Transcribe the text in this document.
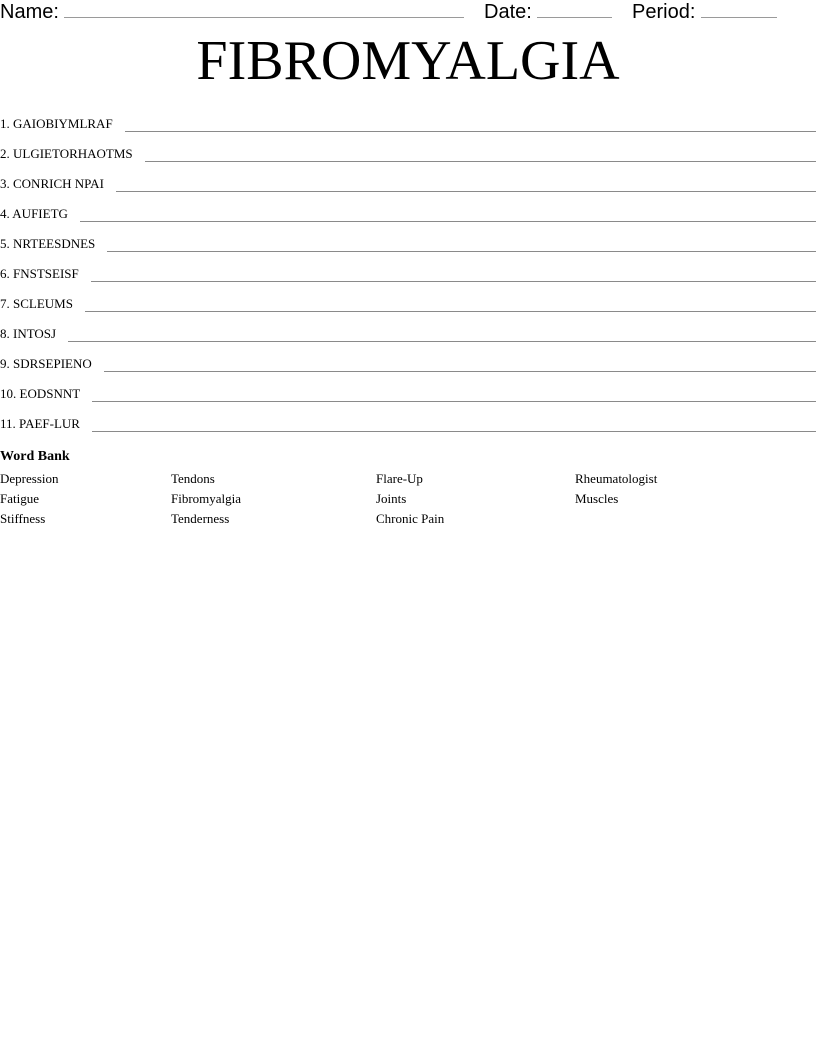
Name:	Date:	Period:
FIBROMYALGIA
1. GAIOBIYMLRAF
2. ULGIETORHAOTMS
3. CONRICH NPAI
4. AUFIETG
5. NRTEESDNES
6. FNSTSEISF
7. SCLEUMS
8. INTOSJ
9. SDRSEPIENO
10. EODSNNT
11. PAEF-LUR
Word Bank
Depression
Fatigue
Stiffness
Tendons
Fibromyalgia
Tenderness
Flare-Up
Joints
Chronic Pain
Rheumatologist
Muscles
